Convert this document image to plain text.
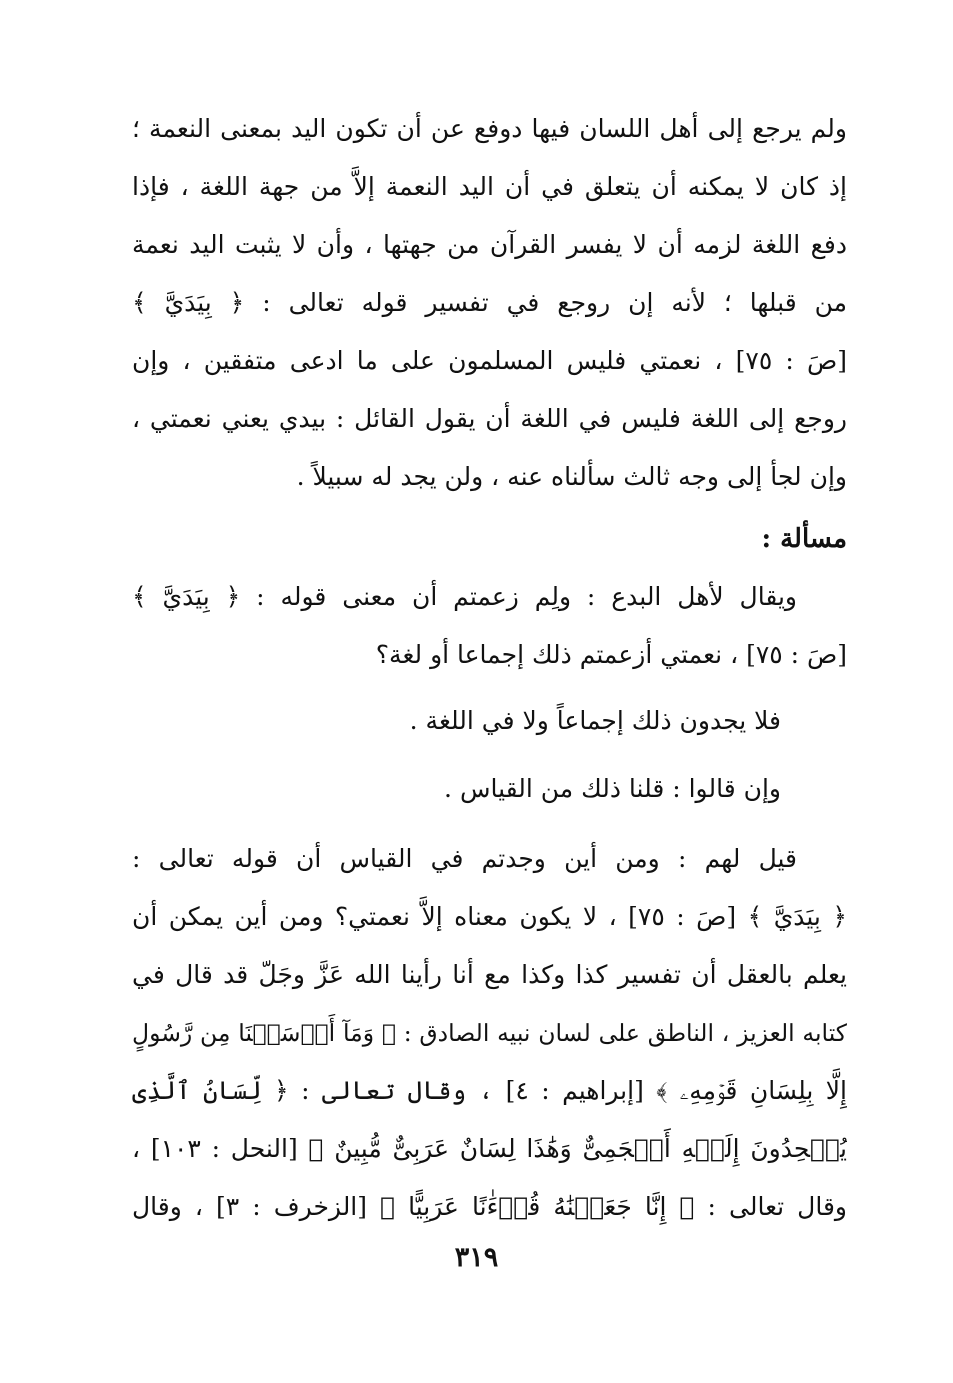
ولم يرجع إلى أهل اللسان فيها دوفع عن أن تكون اليد بمعنى النعمة ؛
إذ كان لا يمكنه أن يتعلق في أن اليد النعمة إلاَّ من جهة اللغة ، فإذا
دفع اللغة لزمه أن لا يفسر القرآن من جهتها ، وأن لا يثبت اليد نعمة
من قبلها ؛ لأنه إن روجع في تفسير قوله تعالى : ﴿ بِيَدَيَّ ﴾
[صَ : ٧٥] ، نعمتي فليس المسلمون على ما ادعى متفقين ، وإن
روجع إلى اللغة فليس في اللغة أن يقول القائل : بيدي يعني نعمتي ،
وإن لجأ إلى وجه ثالث سألناه عنه ، ولن يجد له سبيلاً .
مسألة :
ويقال لأهل البدع : ولِم زعمتم أن معنى قوله : ﴿ بِيَدَيَّ ﴾
[صَ : ٧٥] ، نعمتي أزعمتم ذلك إجماعا أو لغة؟
فلا يجدون ذلك إجماعاً ولا في اللغة .
وإن قالوا : قلنا ذلك من القياس .
قيل لهم : ومن أين وجدتم في القياس أن قوله تعالى :
﴿ بِيَدَيَّ ﴾ [صَ : ٧٥] ، لا يكون معناه إلاَّ نعمتي؟ ومن أين يمكن أن
يعلم بالعقل أن تفسير كذا وكذا مع أنا رأينا الله عَزَّ وجَلّ قد قال في
كتابه العزيز ، الناطق على لسان نبيه الصادق : ﴿ وَمَآ أَرۡسَلۡنَا مِن رَّسُولٍ
إِلَّا بِلِسَانِ قَوۡمِهِۦ ﴾ [إبراهيم : ٤] ، وقال تعالى : ﴿ لِّسَانُ ٱلَّذِى
يُلۡحِدُونَ إِلَيۡهِ أَعۡجَمِىٌّ وَهَٰذَا لِسَانٌ عَرَبِىٌّ مُّبِينٌ ﴾ [النحل : ١٠٣] ،
وقال تعالى : ﴿ إِنَّا جَعَلۡنَٰهُ قُرۡءَٰنًا عَرَبِيًّا ﴾ [الزخرف : ٣] ، وقال
٣١٩
